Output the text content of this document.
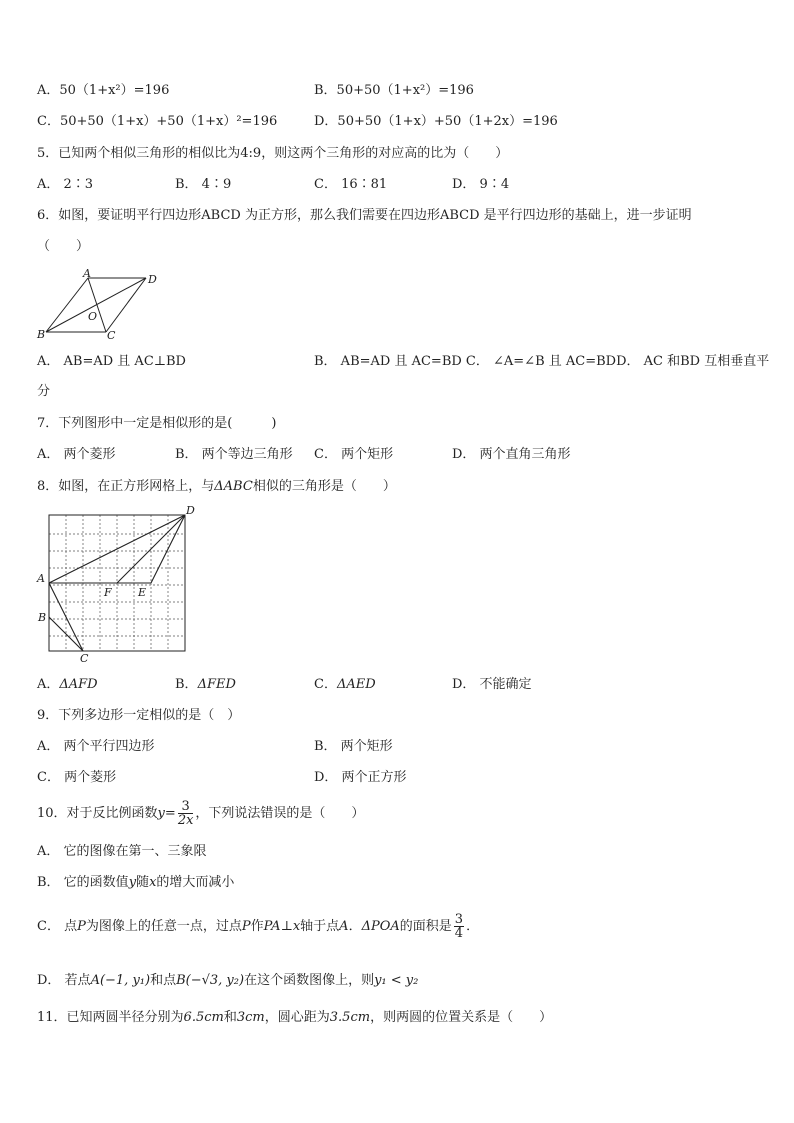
A．50（1+x²）=196	B．50+50（1+x²）=196
C．50+50（1+x）+50（1+x）²=196	D．50+50（1+x）+50（1+2x）=196
5．已知两个相似三角形的相似比为4:9，则这两个三角形的对应高的比为（　　）
A． 2∶3	B． 4∶9	C． 16∶81	D． 9∶4
6．如图，要证明平行四边形ABCD 为正方形，那么我们需要在四边形ABCD 是平行四边形的基础上，进一步证明
（　　）
A	D
B	C
O
A． AB=AD 且 AC⊥BD	B． AB=AD 且 AC=BD C． ∠A=∠B 且 AC=BDD． AC 和BD 互相垂直平
分
7．下列图形中一定是相似形的是(　　　)
A． 两个菱形	B． 两个等边三角形 C． 两个矩形	D． 两个直角三角形
8．如图，在正方形网格上，与ΔABC相似的三角形是（　　）
D
A
B
C
F E
A．ΔAFD	B．ΔFED	C．ΔAED	D． 不能确定
9．下列多边形一定相似的是（　）
A． 两个平行四边形	B． 两个矩形
C． 两个菱形	D． 两个正方形
10．对于反比例函数$y= \frac{3}{2x}$ ，下列说法错误的是（　　）
A． 它的图像在第一、三象限
B． 它的函数值y随x的增大而减小
C． 点P为图像上的任意一点，过点P作PA⊥x轴于点A．ΔPOA的面积是 $\frac{3}{4}$ ．
D． 若点A(−1, y₁)和点B(−√3, y₂)在这个函数图像上，则y₁ < y₂
11．已知两圆半径分别为6.5cm和3cm，圆心距为3.5cm，则两圆的位置关系是（　　）
